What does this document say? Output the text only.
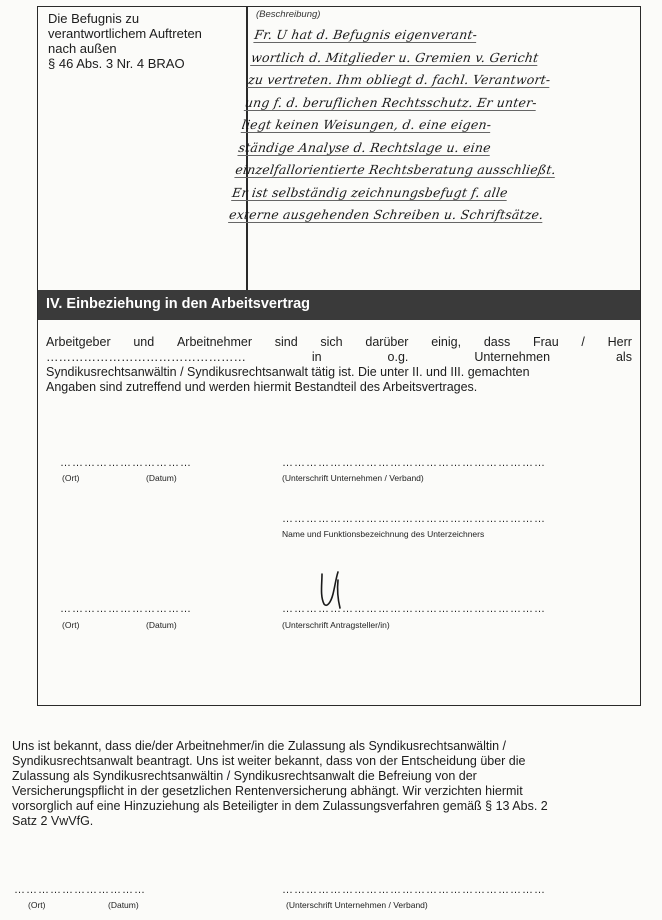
Die Befugnis zu
verantwortlichem Auftreten
nach außen
§ 46 Abs. 3 Nr. 4 BRAO
(Beschreibung)
Fr. U hat d. Befugnis eigenverant-
wortlich d. Mitglieder u. Gremien v. Gericht
zu vertreten. Ihm obliegt d. fachl. Verantwort-
ung f. d. beruflichen Rechtsschutz. Er unter-
liegt keinen Weisungen, d. eine eigen-
ständige Analyse d. Rechtslage u. eine
einzelfallorientierte Rechtsberatung ausschließt.
Er ist selbständig zeichnungsbefugt f. alle
externe ausgehenden Schreiben u. Schriftsätze.
IV. Einbeziehung in den Arbeitsvertrag
Arbeitgeber und Arbeitnehmer sind sich darüber einig, dass Frau / Herr
…………………………………………	in	o.g.	Unternehmen	als
Syndikusrechtsanwältin / Syndikusrechtsanwalt tätig ist. Die unter II. und III. gemachten
Angaben sind zutreffend und werden hiermit Bestandteil des Arbeitsvertrages.
……………………………
(Ort)	(Datum)
…………………………………………………………
(Unterschrift Unternehmen / Verband)
…………………………………………………………
Name und Funktionsbezeichnung des Unterzeichners
……………………………
(Ort)	(Datum)
…………………………………………………………
(Unterschrift Antragsteller/in)
Uns ist bekannt, dass die/der Arbeitnehmer/in die Zulassung als Syndikusrechtsanwältin /
Syndikusrechtsanwalt beantragt. Uns ist weiter bekannt, dass von der Entscheidung über die
Zulassung als Syndikusrechtsanwältin / Syndikusrechtsanwalt die Befreiung von der
Versicherungspflicht in der gesetzlichen Rentenversicherung abhängt. Wir verzichten hiermit
vorsorglich auf eine Hinzuziehung als Beteiligter in dem Zulassungsverfahren gemäß § 13 Abs. 2
Satz 2 VwVfG.
……………………………
(Ort)	(Datum)
…………………………………………………………
(Unterschrift Unternehmen / Verband)
